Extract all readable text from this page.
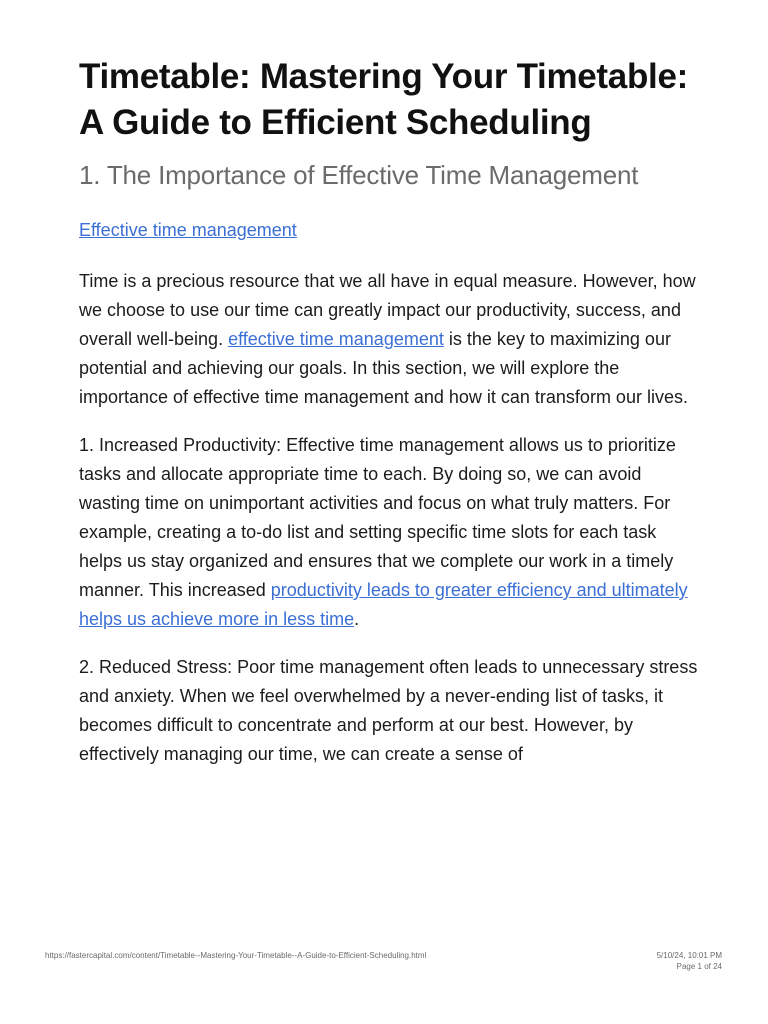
Timetable: Mastering Your Timetable: A Guide to Efficient Scheduling
1. The Importance of Effective Time Management
Effective time management

Time is a precious resource that we all have in equal measure. However, how we choose to use our time can greatly impact our productivity, success, and overall well-being. effective time management is the key to maximizing our potential and achieving our goals. In this section, we will explore the importance of effective time management and how it can transform our lives.

1. Increased Productivity: Effective time management allows us to prioritize tasks and allocate appropriate time to each. By doing so, we can avoid wasting time on unimportant activities and focus on what truly matters. For example, creating a to-do list and setting specific time slots for each task helps us stay organized and ensures that we complete our work in a timely manner. This increased productivity leads to greater efficiency and ultimately helps us achieve more in less time.

2. Reduced Stress: Poor time management often leads to unnecessary stress and anxiety. When we feel overwhelmed by a never-ending list of tasks, it becomes difficult to concentrate and perform at our best. However, by effectively managing our time, we can create a sense of

https://fastercapital.com/content/Timetable--Mastering-Your-Timetable--A-Guide-to-Efficient-Scheduling.html	5/10/24, 10:01 PM
Page 1 of 24
